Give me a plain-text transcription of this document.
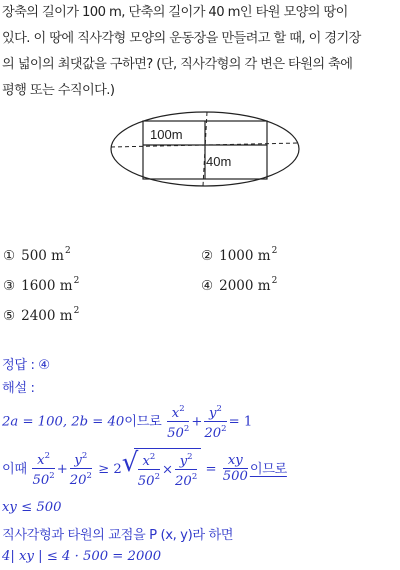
장축의 길이가 100 m, 단축의 길이가 40 m인 타원 모양의 땅이
있다. 이 땅에 직사각형 모양의 운동장을 만들려고 할 때, 이 경기장
의 넓이의 최댓값을 구하면? (단, 직사각형의 각 변은 타원의 축에
평행 또는 수직이다.)
100m
40m
① 500 $m^2$	② 1000 $m^2$
③ 1600 $m^2$	④ 2000 $m^2$
⑤ 2400 $m^2$
정답 : ④
해설 :
2a = 100, 2b = 40이므로 $\frac{x^2}{50^2} + \frac{y^2}{20^2} = 1$
이때 $\frac{x^2}{50^2} + \frac{y^2}{20^2} \ge 2$ √ $\frac{x^2}{50^2} \times \frac{y^2}{20^2} = \frac{xy}{500}$ 이므로
xy ≤ 500
직사각형과 타원의 교점을 P (x, y)라 하면
4| xy | ≤ 4 · 500 = 2000
